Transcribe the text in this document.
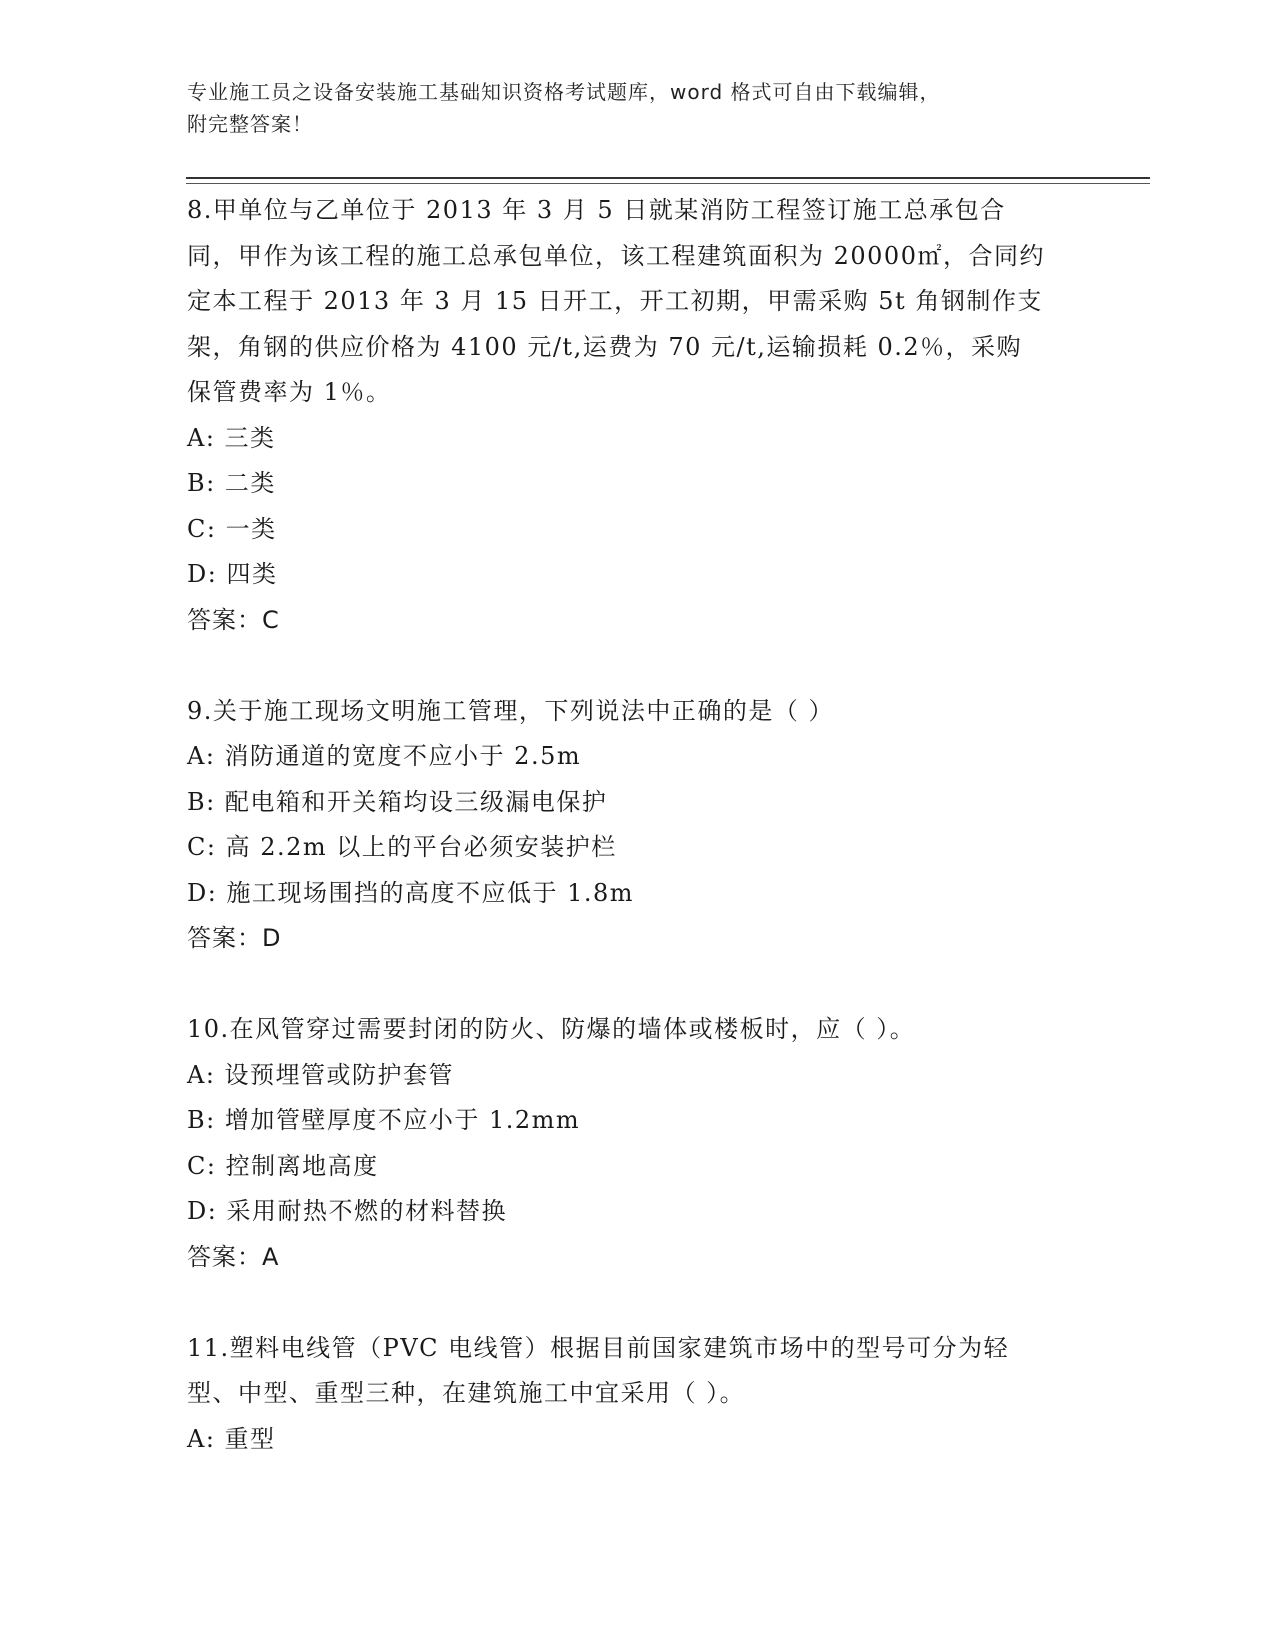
专业施工员之设备安装施工基础知识资格考试题库，word 格式可自由下载编辑，
附完整答案！
8.甲单位与乙单位于 2013 年 3 月 5 日就某消防工程签订施工总承包合同，甲作为该工程的施工总承包单位，该工程建筑面积为 20000㎡，合同约定本工程于 2013 年 3 月 15 日开工，开工初期，甲需采购 5t 角钢制作支架，角钢的供应价格为 4100 元/t,运费为 70 元/t,运输损耗 0.2％，采购保管费率为 1％。
A: 三类
B: 二类
C: 一类
D: 四类
答案：C
9.关于施工现场文明施工管理，下列说法中正确的是（ ）
A: 消防通道的宽度不应小于 2.5m
B: 配电箱和开关箱均设三级漏电保护
C: 高 2.2m 以上的平台必须安装护栏
D: 施工现场围挡的高度不应低于 1.8m
答案：D
10.在风管穿过需要封闭的防火、防爆的墙体或楼板时，应（ ）。
A: 设预埋管或防护套管
B: 增加管壁厚度不应小于 1.2mm
C: 控制离地高度
D: 采用耐热不燃的材料替换
答案：A
11.塑料电线管（PVC 电线管）根据目前国家建筑市场中的型号可分为轻型、中型、重型三种，在建筑施工中宜采用（ ）。
A: 重型
